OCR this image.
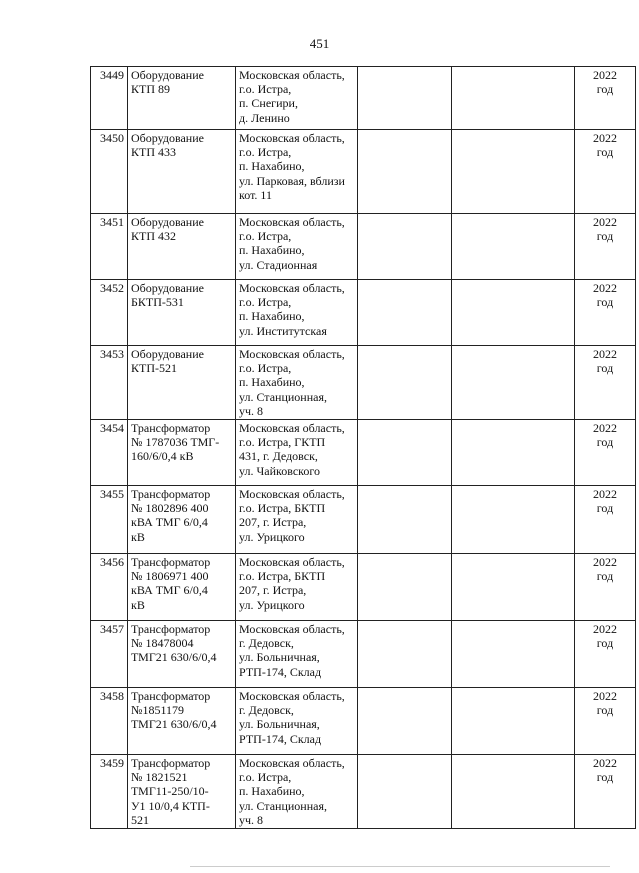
451
3449	Оборудование
КТП 89	Московская область,
г.о. Истра,
п. Снегири,
д. Ленино			2022
год

3450	Оборудование
КТП 433	Московская область,
г.о. Истра,
п. Нахабино,
ул. Парковая, вблизи
кот. 11			2022
год

3451	Оборудование
КТП 432	Московская область,
г.о. Истра,
п. Нахабино,
ул. Стадионная			2022
год

3452	Оборудование
БКТП-531	Московская область,
г.о. Истра,
п. Нахабино,
ул. Институтская			2022
год

3453	Оборудование
КТП-521	Московская область,
г.о. Истра,
п. Нахабино,
ул. Станционная,
уч. 8			2022
год

3454	Трансформатор
№ 1787036 ТМГ-
160/6/0,4 кВ	Московская область,
г.о. Истра, ГКТП
431, г. Дедовск,
ул. Чайковского			2022
год

3455	Трансформатор
№ 1802896 400
кВА ТМГ 6/0,4
кВ	Московская область,
г.о. Истра, БКТП
207, г. Истра,
ул. Урицкого			2022
год

3456	Трансформатор
№ 1806971 400
кВА ТМГ 6/0,4
кВ	Московская область,
г.о. Истра, БКТП
207, г. Истра,
ул. Урицкого			2022
год

3457	Трансформатор
№ 18478004
ТМГ21 630/6/0,4	Московская область,
г. Дедовск,
ул. Больничная,
РТП-174, Склад			2022
год

3458	Трансформатор
№1851179
ТМГ21 630/6/0,4	Московская область,
г. Дедовск,
ул. Больничная,
РТП-174, Склад			2022
год

3459	Трансформатор
№ 1821521
ТМГ11-250/10-
У1 10/0,4 КТП-
521	Московская область,
г.о. Истра,
п. Нахабино,
ул. Станционная,
уч. 8			2022
год
